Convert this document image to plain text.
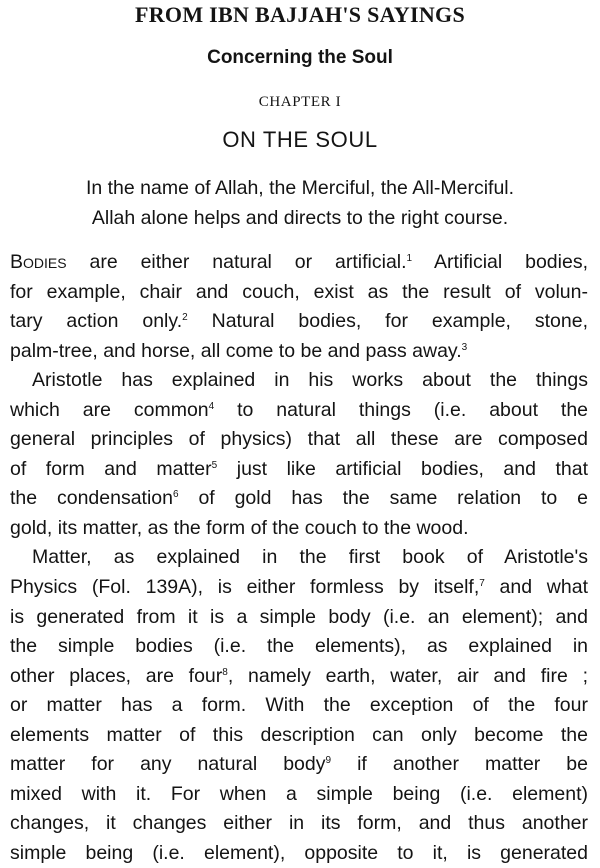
FROM IBN BAJJAH'S SAYINGS
Concerning the Soul
CHAPTER I
ON THE SOUL
In the name of Allah, the Merciful, the All-Merciful.
Allah alone helps and directs to the right course.
Bodies are either natural or artificial.$^1$ Artificial bodies,
for example, chair and couch, exist as the result of volun-
tary action only.$^2$ Natural bodies, for example, stone,
palm-tree, and horse, all come to be and pass away.$^3$
Aristotle has explained in his works about the things
which are common$^4$ to natural things (i.e. about the
general principles of physics) that all these are composed
of form and matter$^5$ just like artificial bodies, and that
the condensation$^6$ of gold has the same relation to e
gold, its matter, as the form of the couch to the wood.
Matter, as explained in the first book of Aristotle's
Physics (Fol. 139A), is either formless by itself,$^7$ and what
is generated from it is a simple body (i.e. an element); and
the simple bodies (i.e. the elements), as explained in
other places, are four$^8$, namely earth, water, air and fire ;
or matter has a form. With the exception of the four
elements matter of this description can only become the
matter for any natural body$^9$ if another matter be
mixed with it. For when a simple being (i.e. element)
changes, it changes either in its form, and thus another
simple being (i.e. element), opposite to it, is generated
